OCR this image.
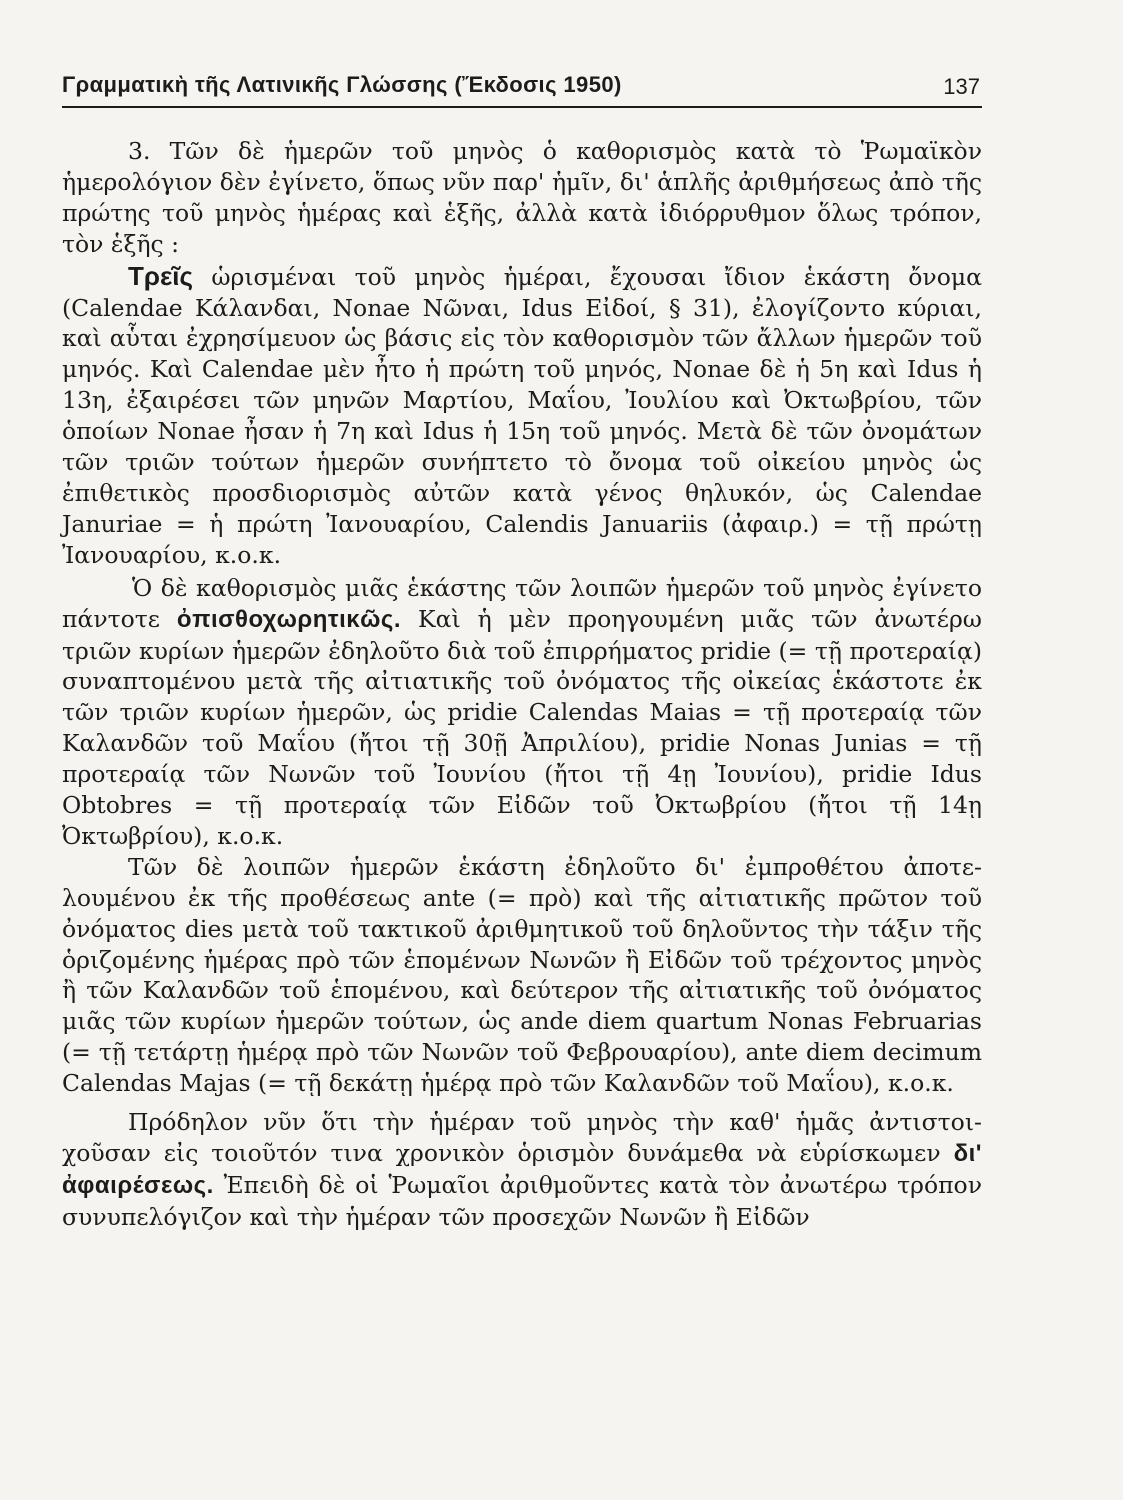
Γραμματικὴ τῆς Λατινικῆς Γλώσσης (Ἔκδοσις 1950)	137

3. Τῶν δὲ ἡμερῶν τοῦ μηνὸς ὁ καθορισμὸς κατὰ τὸ Ῥωμαϊκὸν ἡμερολόγιον δὲν ἐγίνετο, ὅπως νῦν παρ' ἡμῖν, δι' ἁπλῆς ἀριθμήσεως ἀπὸ τῆς πρώτης τοῦ μηνὸς ἡμέρας καὶ ἑξῆς, ἀλλὰ κατὰ ἰδιόρρυθμον ὅλως τρόπον, τὸν ἑξῆς :

Τρεῖς ὡρισμέναι τοῦ μηνὸς ἡμέραι, ἔχουσαι ἴδιον ἑκάστη ὄνομα (Calendae Κάλανδαι, Nonae Νῶναι, Idus Εἰδοί, § 31), ἐλογίζοντο κύριαι, καὶ αὗται ἐχρησίμευον ὡς βάσις εἰς τὸν καθορισμὸν τῶν ἄλλων ἡμερῶν τοῦ μηνός. Καὶ Calendae μὲν ἦτο ἡ πρώτη τοῦ μηνός, Nonae δὲ ἡ 5η καὶ Idus ἡ 13η, ἐξαιρέσει τῶν μηνῶν Μαρτίου, Μαΐου, Ἰουλίου καὶ Ὀκτωβρίου, τῶν ὁποίων Nonae ἦσαν ἡ 7η καὶ Idus ἡ 15η τοῦ μηνός. Μετὰ δὲ τῶν ὀνομάτων τῶν τριῶν τούτων ἡμερῶν συνήπτετο τὸ ὄνομα τοῦ οἰκείου μηνὸς ὡς ἐπιθετικὸς προσδιορισμὸς αὐτῶν κατὰ γένος θηλυκόν, ὡς Calendae Januriae = ἡ πρώτη Ἰανουαρίου, Calendis Januariis (ἀφαιρ.) = τῇ πρώτῃ Ἰανουαρίου, κ.ο.κ.

Ὁ δὲ καθορισμὸς μιᾶς ἑκάστης τῶν λοιπῶν ἡμερῶν τοῦ μηνὸς ἐγίνετο πάντοτε ὀπισθοχωρητικῶς. Καὶ ἡ μὲν προηγουμένη μιᾶς τῶν ἀνωτέρω τριῶν κυρίων ἡμερῶν ἐδηλοῦτο διὰ τοῦ ἐπιρρήματος pridie (= τῇ προτεραίᾳ) συναπτομένου μετὰ τῆς αἰτιατικῆς τοῦ ὀνόματος τῆς οἰκείας ἑκάστοτε ἐκ τῶν τριῶν κυρίων ἡμερῶν, ὡς pridie Calendas Maias = τῇ προτεραίᾳ τῶν Καλανδῶν τοῦ Μαΐου (ἤτοι τῇ 30ῇ Ἀπριλίου), pridie Nonas Junias = τῇ προτεραίᾳ τῶν Νωνῶν τοῦ Ἰουνίου (ἤτοι τῇ 4ῃ Ἰουνίου), pridie Idus Obtobres = τῇ προτεραίᾳ τῶν Εἰδῶν τοῦ Ὀκτωβρίου (ἤτοι τῇ 14ῃ Ὀκτωβρίου), κ.ο.κ.

Τῶν δὲ λοιπῶν ἡμερῶν ἑκάστη ἐδηλοῦτο δι' ἐμπροθέτου ἀποτελουμένου ἐκ τῆς προθέσεως ante (= πρὸ) καὶ τῆς αἰτιατικῆς πρῶτον τοῦ ὀνόματος dies μετὰ τοῦ τακτικοῦ ἀριθμητικοῦ τοῦ δηλοῦντος τὴν τάξιν τῆς ὁριζομένης ἡμέρας πρὸ τῶν ἑπομένων Νωνῶν ἢ Εἰδῶν τοῦ τρέχοντος μηνὸς ἢ τῶν Καλανδῶν τοῦ ἑπομένου, καὶ δεύτερον τῆς αἰτιατικῆς τοῦ ὀνόματος μιᾶς τῶν κυρίων ἡμερῶν τούτων, ὡς ande diem quartum Nonas Februarias (= τῇ τετάρτῃ ἡμέρᾳ πρὸ τῶν Νωνῶν τοῦ Φεβρουαρίου), ante diem decimum Calendas Majas (= τῇ δεκάτῃ ἡμέρᾳ πρὸ τῶν Καλανδῶν τοῦ Μαΐου), κ.ο.κ.

Πρόδηλον νῦν ὅτι τὴν ἡμέραν τοῦ μηνὸς τὴν καθ' ἡμᾶς ἀντιστοιχοῦσαν εἰς τοιοῦτόν τινα χρονικὸν ὁρισμὸν δυνάμεθα νὰ εὑρίσκωμεν δι' ἀφαιρέσεως. Ἐπειδὴ δὲ οἱ Ῥωμαῖοι ἀριθμοῦντες κατὰ τὸν ἀνωτέρω τρόπον συνυπελόγιζον καὶ τὴν ἡμέραν τῶν προσεχῶν Νωνῶν ἢ Εἰδῶν
